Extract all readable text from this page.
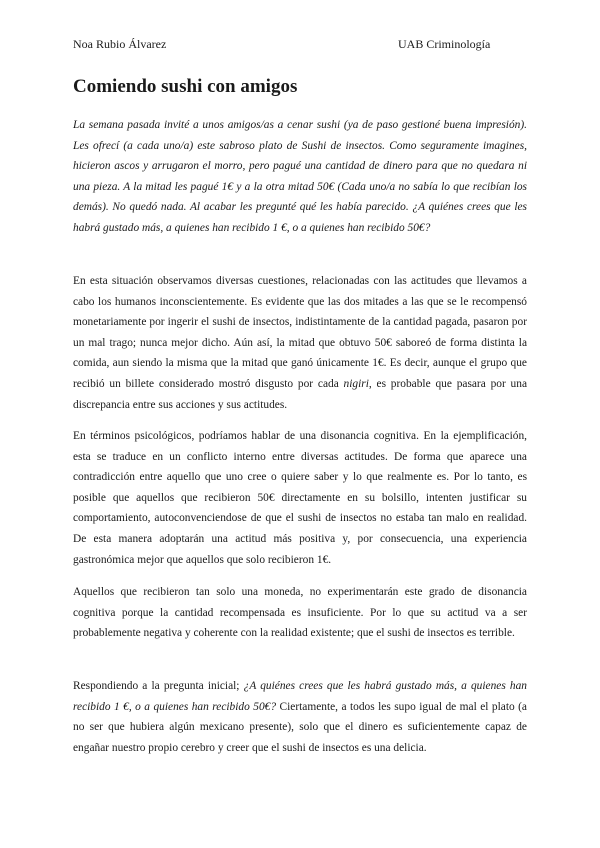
Noa Rubio Álvarez	UAB Criminología
Comiendo sushi con amigos

La semana pasada invité a unos amigos/as a cenar sushi (ya de paso gestioné buena impresión). Les ofrecí (a cada uno/a) este sabroso plato de Sushi de insectos. Como seguramente imagines, hicieron ascos y arrugaron el morro, pero pagué una cantidad de dinero para que no quedara ni una pieza. A la mitad les pagué 1€ y a la otra mitad 50€ (Cada uno/a no sabía lo que recibían los demás). No quedó nada. Al acabar les pregunté qué les había parecido. ¿A quiénes crees que les habrá gustado más, a quienes han recibido 1 €, o a quienes han recibido 50€?

En esta situación observamos diversas cuestiones, relacionadas con las actitudes que llevamos a cabo los humanos inconscientemente. Es evidente que las dos mitades a las que se le recompensó monetariamente por ingerir el sushi de insectos, indistintamente de la cantidad pagada, pasaron por un mal trago; nunca mejor dicho. Aún así, la mitad que obtuvo 50€ saboreó de forma distinta la comida, aun siendo la misma que la mitad que ganó únicamente 1€. Es decir, aunque el grupo que recibió un billete considerado mostró disgusto por cada nigiri, es probable que pasara por una discrepancia entre sus acciones y sus actitudes.

En términos psicológicos, podríamos hablar de una disonancia cognitiva. En la ejemplificación, esta se traduce en un conflicto interno entre diversas actitudes. De forma que aparece una contradicción entre aquello que uno cree o quiere saber y lo que realmente es. Por lo tanto, es posible que aquellos que recibieron 50€ directamente en su bolsillo, intenten justificar su comportamiento, autoconvenciendose de que el sushi de insectos no estaba tan malo en realidad. De esta manera adoptarán una actitud más positiva y, por consecuencia, una experiencia gastronómica mejor que aquellos que solo recibieron 1€.

Aquellos que recibieron tan solo una moneda, no experimentarán este grado de disonancia cognitiva porque la cantidad recompensada es insuficiente. Por lo que su actitud va a ser probablemente negativa y coherente con la realidad existente; que el sushi de insectos es terrible.

Respondiendo a la pregunta inicial; ¿A quiénes crees que les habrá gustado más, a quienes han recibido 1 €, o a quienes han recibido 50€? Ciertamente, a todos les supo igual de mal el plato (a no ser que hubiera algún mexicano presente), solo que el dinero es suficientemente capaz de engañar nuestro propio cerebro y creer que el sushi de insectos es una delicia.
